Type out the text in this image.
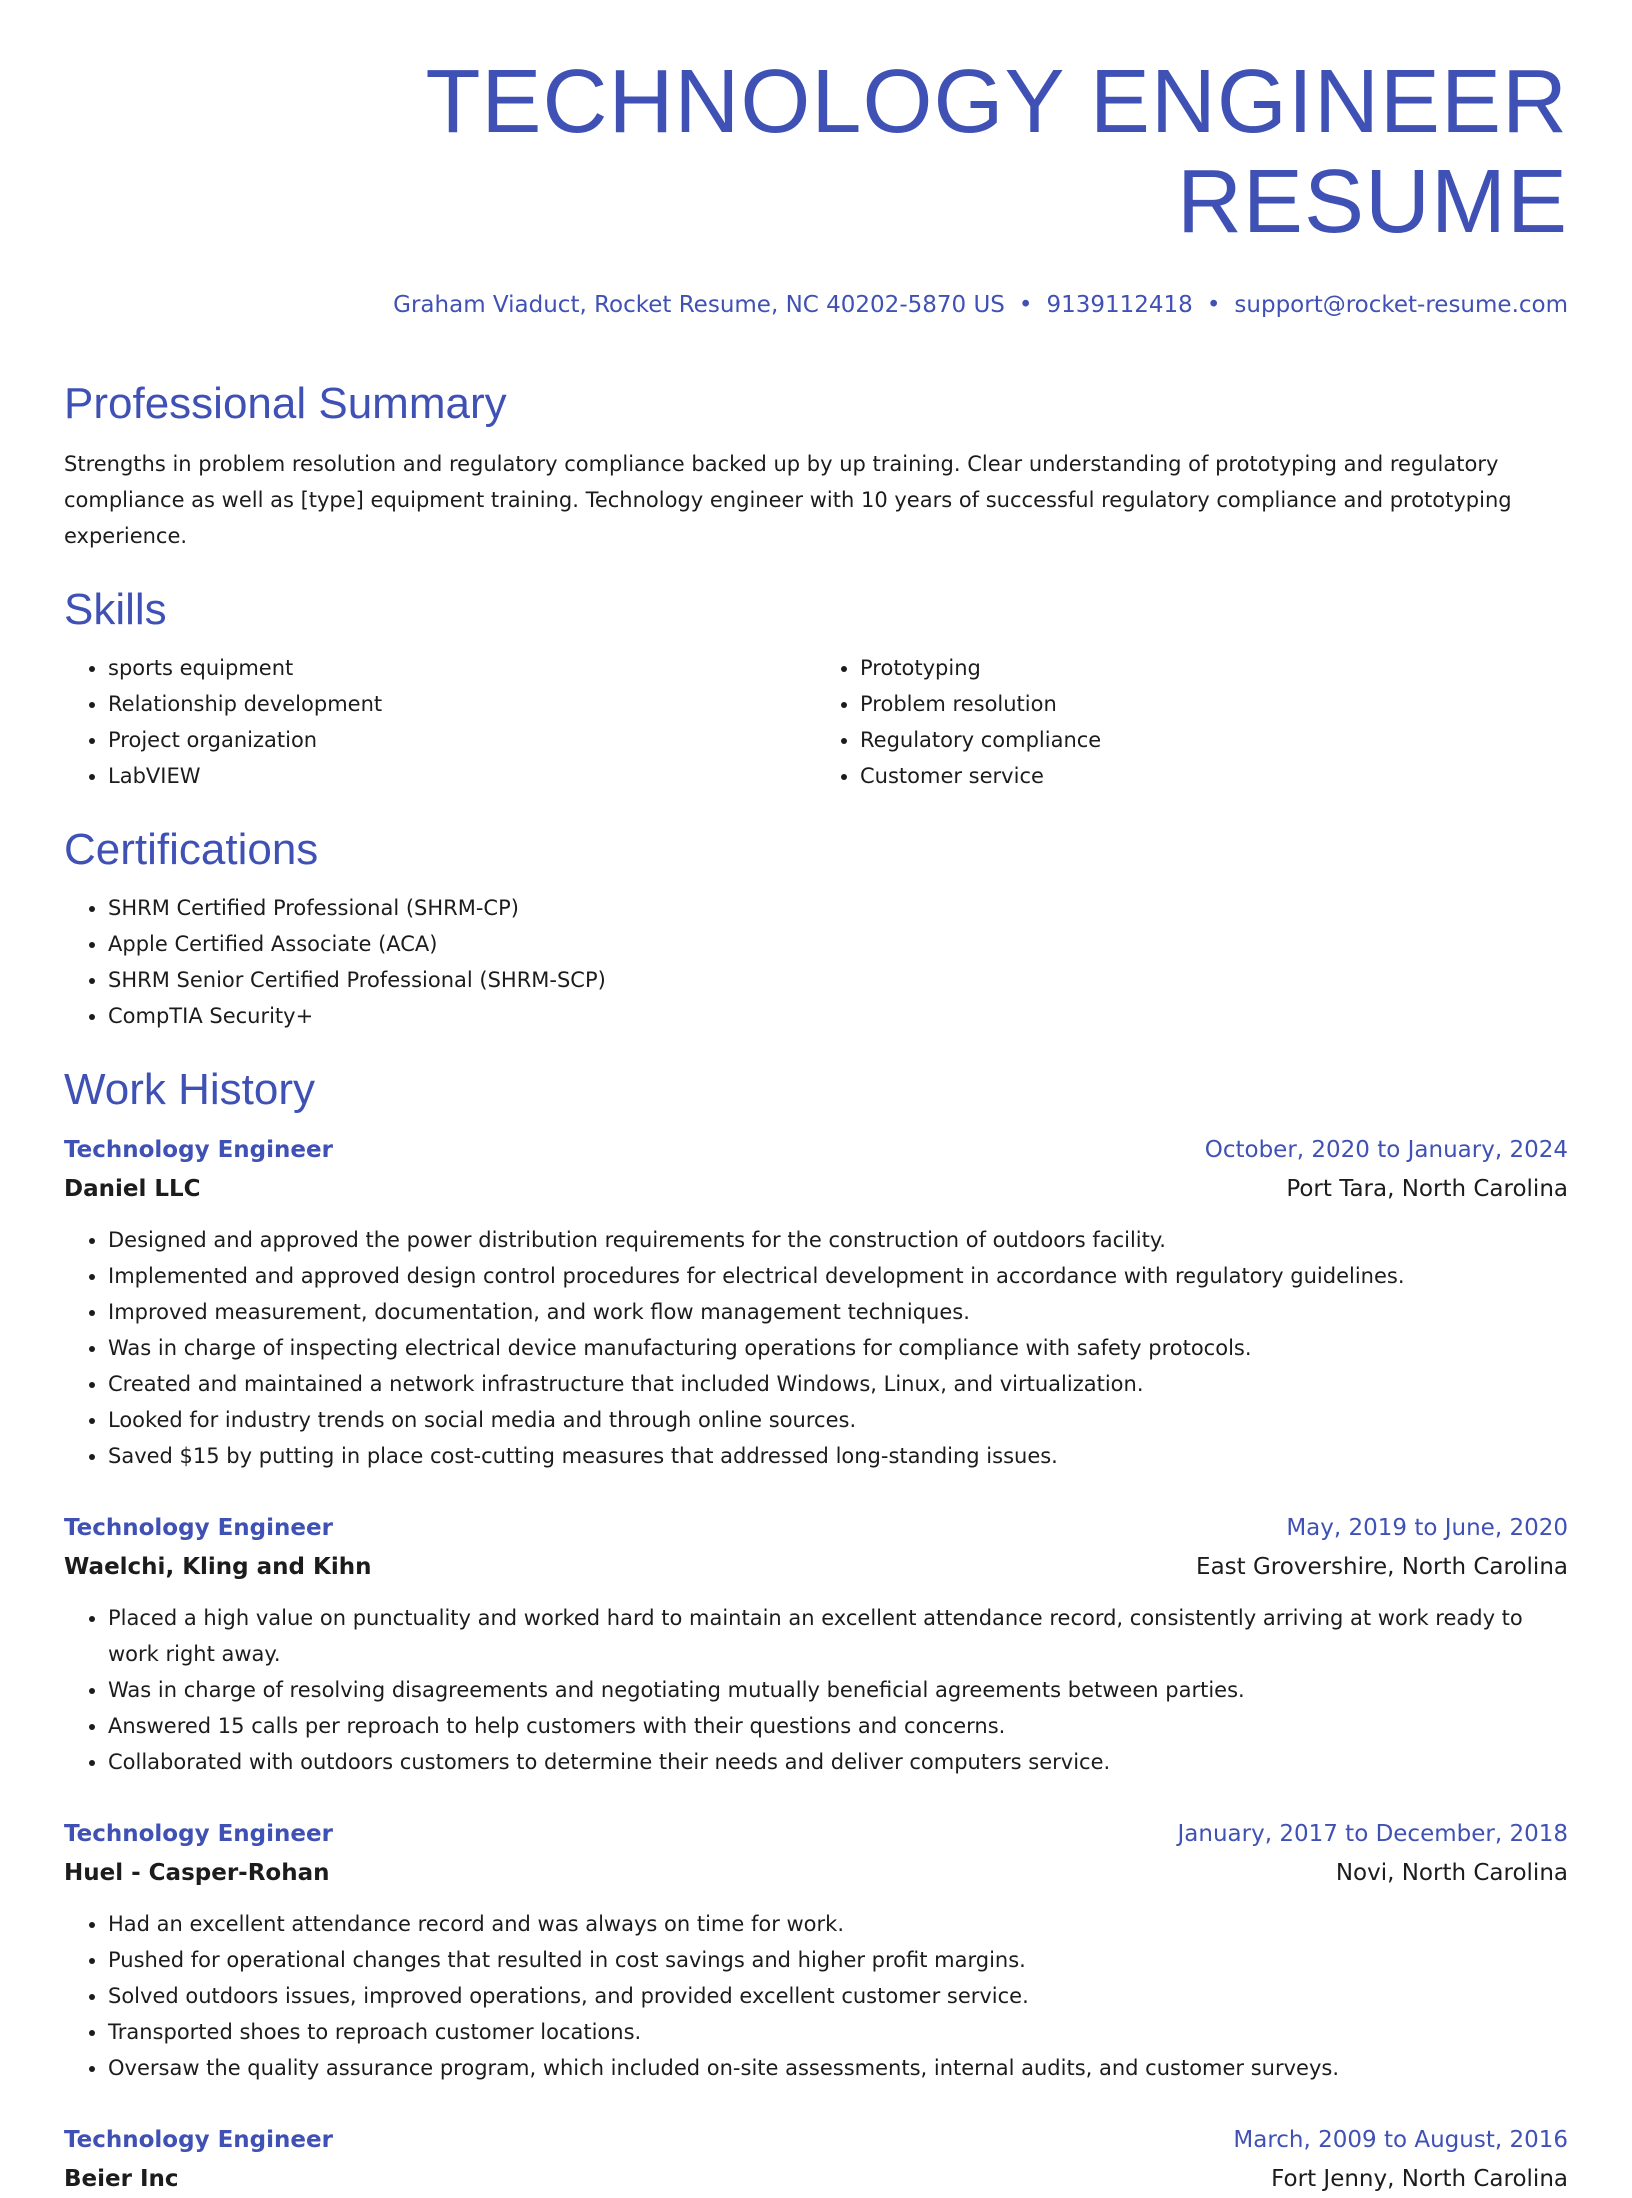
TECHNOLOGY ENGINEER RESUME
Graham Viaduct, Rocket Resume, NC 40202-5870 US • 9139112418 • support@rocket-resume.com
Professional Summary

Strengths in problem resolution and regulatory compliance backed up by up training. Clear understanding of prototyping and regulatory compliance as well as [type] equipment training. Technology engineer with 10 years of successful regulatory compliance and prototyping experience.

Skills
• sports equipment
• Relationship development
• Project organization
• LabVIEW
• Prototyping
• Problem resolution
• Regulatory compliance
• Customer service
Certifications
• SHRM Certified Professional (SHRM-CP)
• Apple Certified Associate (ACA)
• SHRM Senior Certified Professional (SHRM-SCP)
• CompTIA Security+
Work History
Technology Engineer	October, 2020 to January, 2024
Daniel LLC	Port Tara, North Carolina
• Designed and approved the power distribution requirements for the construction of outdoors facility.
• Implemented and approved design control procedures for electrical development in accordance with regulatory guidelines.
• Improved measurement, documentation, and work flow management techniques.
• Was in charge of inspecting electrical device manufacturing operations for compliance with safety protocols.
• Created and maintained a network infrastructure that included Windows, Linux, and virtualization.
• Looked for industry trends on social media and through online sources.
• Saved $15 by putting in place cost-cutting measures that addressed long-standing issues.
Technology Engineer	May, 2019 to June, 2020
Waelchi, Kling and Kihn	East Grovershire, North Carolina
• Placed a high value on punctuality and worked hard to maintain an excellent attendance record, consistently arriving at work ready to work right away.
• Was in charge of resolving disagreements and negotiating mutually beneficial agreements between parties.
• Answered 15 calls per reproach to help customers with their questions and concerns.
• Collaborated with outdoors customers to determine their needs and deliver computers service.
Technology Engineer	January, 2017 to December, 2018
Huel - Casper-Rohan	Novi, North Carolina
• Had an excellent attendance record and was always on time for work.
• Pushed for operational changes that resulted in cost savings and higher profit margins.
• Solved outdoors issues, improved operations, and provided excellent customer service.
• Transported shoes to reproach customer locations.
• Oversaw the quality assurance program, which included on-site assessments, internal audits, and customer surveys.
Technology Engineer	March, 2009 to August, 2016
Beier Inc	Fort Jenny, North Carolina
